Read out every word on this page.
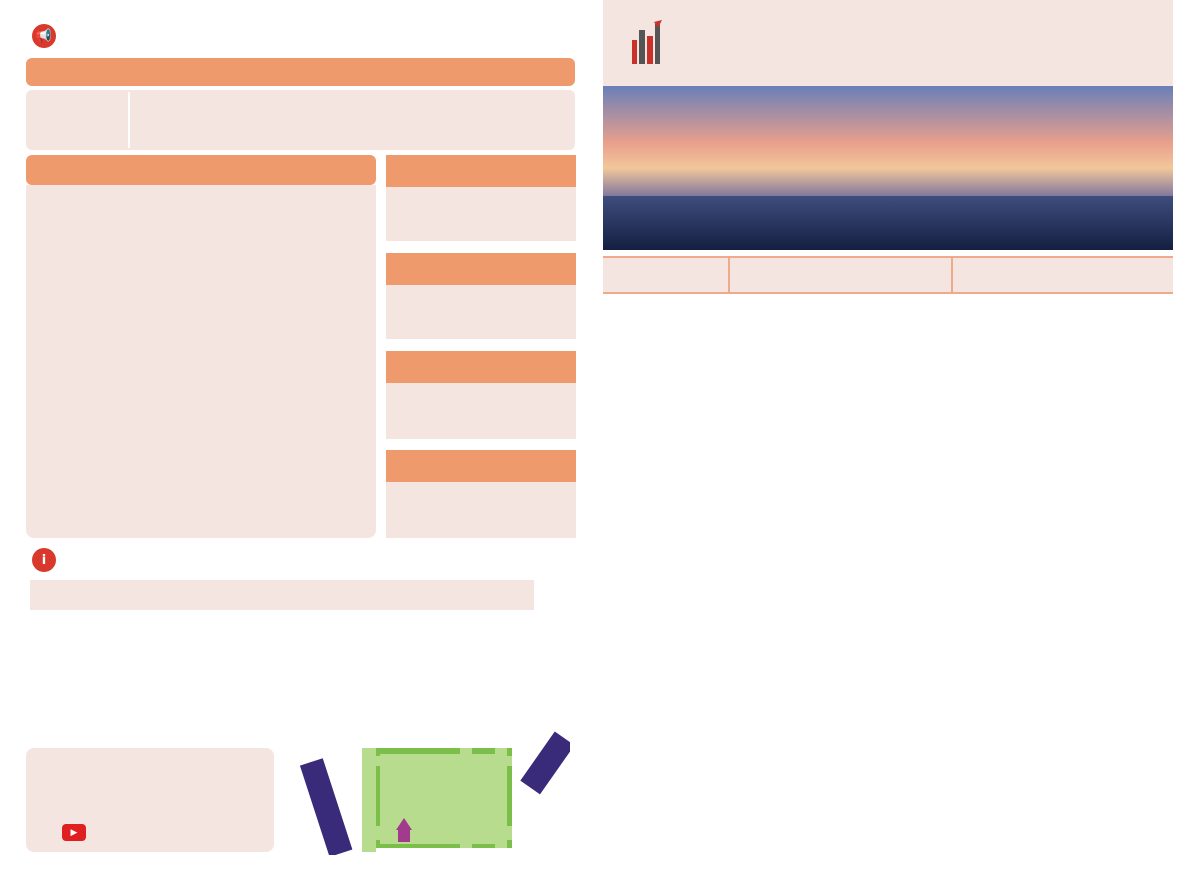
📢
i
▶
